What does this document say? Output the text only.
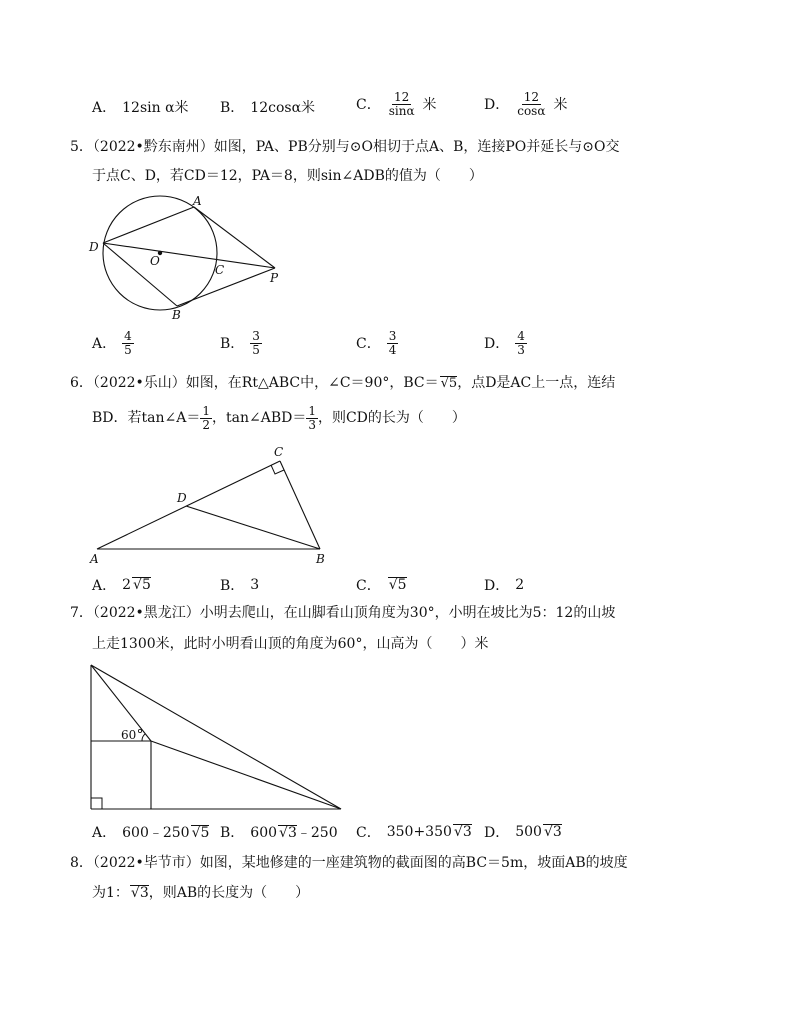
A． 12sin α米 B． 12cosα米	C． $\frac{12}{\sin\alpha}$ 米	D． $\frac{12}{\cos\alpha}$ 米
5．（2022•黔东南州）如图，PA、PB分别与⊙O相切于点A、B，连接PO并延长与⊙O交
于点C、D，若CD＝12，PA＝8，则sin∠ADB的值为（　　）
A
D
O
C
P
B
A． $\frac{4}{5}$	B． $\frac{3}{5}$	C． $\frac{3}{4}$	D． $\frac{4}{3}$
6．（2022•乐山）如图，在Rt△ABC中，∠C＝90°，BC＝ √5，点D是AC上一点，连结
BD．若tan∠A＝ $\frac{1}{2}$ ，tan∠ABD＝ $\frac{1}{3}$ ，则CD的长为（　　）
C
D
A	B
A． 2 √5	B． 3	C． √5	D． 2
7．（2022•黑龙江）小明去爬山，在山脚看山顶角度为30°，小明在坡比为5：12的山坡
上走1300米，此时小明看山顶的角度为60°，山高为（　　）米
60
A． 600﹣250 √5 B． 600 √3﹣250 C． 350+350 √3 D． 500 √3
8．（2022•毕节市）如图，某地修建的一座建筑物的截面图的高BC＝5m，坡面AB的坡度
为1： √3，则AB的长度为（　　）
